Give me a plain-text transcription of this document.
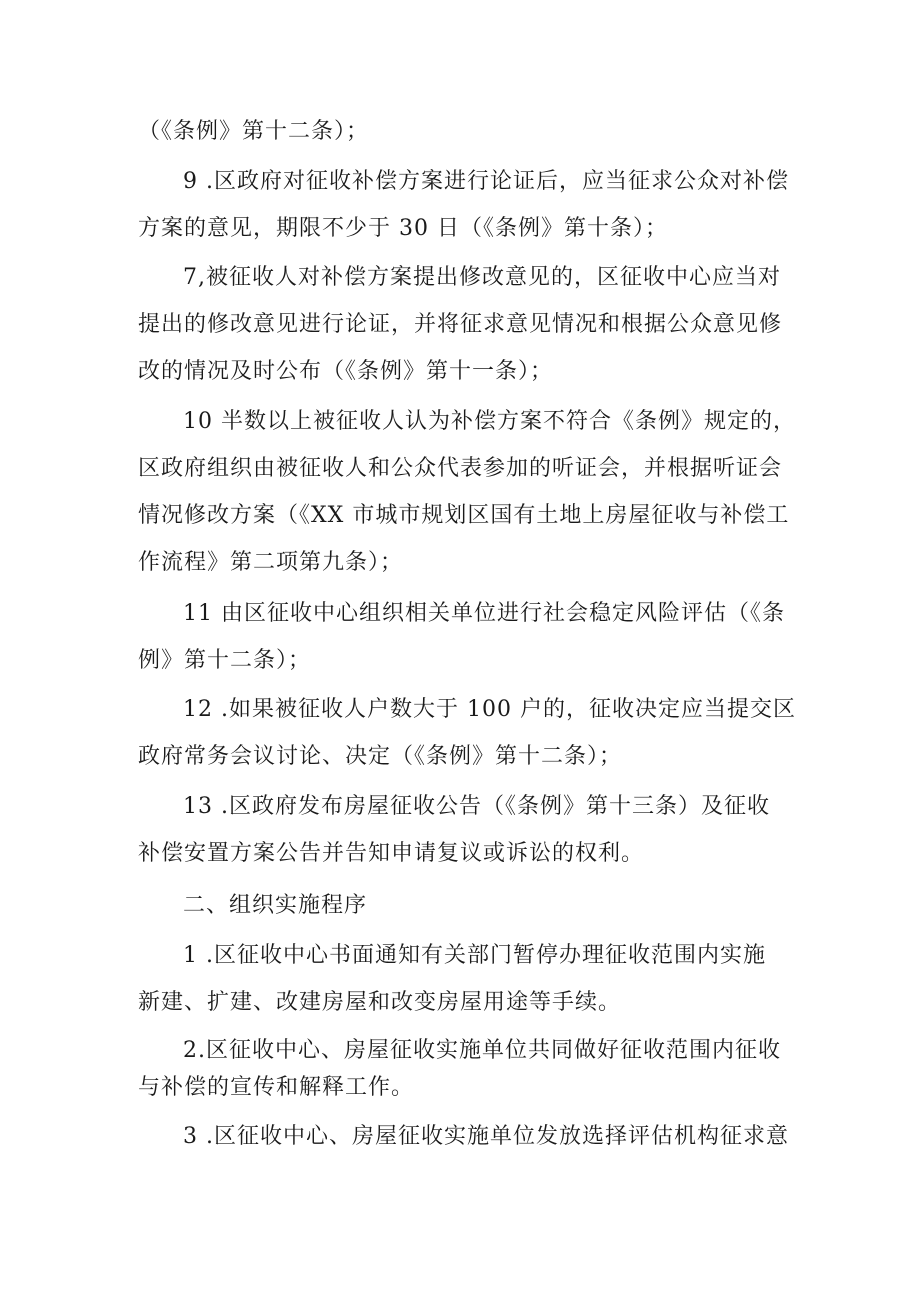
（《条例》第十二条）；
9 .区政府对征收补偿方案进行论证后，应当征求公众对补偿
方案的意见，期限不少于 30 日（《条例》第十条）；
7,被征收人对补偿方案提出修改意见的，区征收中心应当对
提出的修改意见进行论证，并将征求意见情况和根据公众意见修
改的情况及时公布（《条例》第十一条）；
10 半数以上被征收人认为补偿方案不符合《条例》规定的，
区政府组织由被征收人和公众代表参加的听证会，并根据听证会
情况修改方案（《XX 市城市规划区国有土地上房屋征收与补偿工
作流程》第二项第九条）；
11 由区征收中心组织相关单位进行社会稳定风险评估（《条
例》第十二条）；
12 .如果被征收人户数大于 100 户的，征收决定应当提交区
政府常务会议讨论、决定（《条例》第十二条）；
13 .区政府发布房屋征收公告（《条例》第十三条）及征收
补偿安置方案公告并告知申请复议或诉讼的权利。
二、组织实施程序
1 .区征收中心书面通知有关部门暂停办理征收范围内实施
新建、扩建、改建房屋和改变房屋用途等手续。
2.区征收中心、房屋征收实施单位共同做好征收范围内征收
与补偿的宣传和解释工作。
3 .区征收中心、房屋征收实施单位发放选择评估机构征求意
